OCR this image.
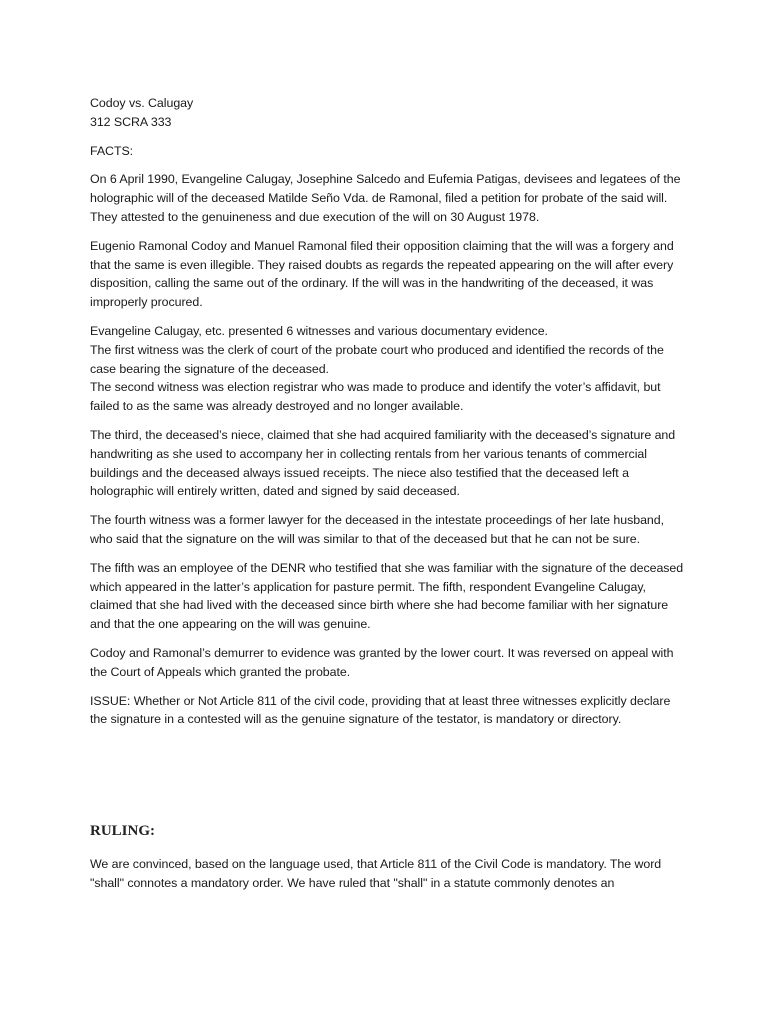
Codoy vs. Calugay

312 SCRA 333

FACTS:

On 6 April 1990, Evangeline Calugay, Josephine Salcedo and Eufemia Patigas, devisees and legatees of the holographic will of the deceased Matilde Seño Vda. de Ramonal, filed a petition for probate of the said will. They attested to the genuineness and due execution of the will on 30 August 1978.

Eugenio Ramonal Codoy and Manuel Ramonal filed their opposition claiming that the will was a forgery and that the same is even illegible. They raised doubts as regards the repeated appearing on the will after every disposition, calling the same out of the ordinary. If the will was in the handwriting of the deceased, it was improperly procured.

Evangeline Calugay, etc. presented 6 witnesses and various documentary evidence.

The first witness was the clerk of court of the probate court who produced and identified the records of the case bearing the signature of the deceased.

The second witness was election registrar who was made to produce and identify the voter’s affidavit, but failed to as the same was already destroyed and no longer available.

The third, the deceased’s niece, claimed that she had acquired familiarity with the deceased’s signature and handwriting as she used to accompany her in collecting rentals from her various tenants of commercial buildings and the deceased always issued receipts. The niece also testified that the deceased left a holographic will entirely written, dated and signed by said deceased.

The fourth witness was a former lawyer for the deceased in the intestate proceedings of her late husband, who said that the signature on the will was similar to that of the deceased but that he can not be sure.

The fifth was an employee of the DENR who testified that she was familiar with the signature of the deceased which appeared in the latter’s application for pasture permit. The fifth, respondent Evangeline Calugay, claimed that she had lived with the deceased since birth where she had become familiar with her signature and that the one appearing on the will was genuine.

Codoy and Ramonal’s demurrer to evidence was granted by the lower court. It was reversed on appeal with the Court of Appeals which granted the probate.

ISSUE: Whether or Not Article 811 of the civil code, providing that at least three witnesses explicitly declare the signature in a contested will as the genuine signature of the testator, is mandatory or directory.

RULING:

We are convinced, based on the language used, that Article 811 of the Civil Code is mandatory. The word "shall" connotes a mandatory order. We have ruled that "shall" in a statute commonly denotes an
